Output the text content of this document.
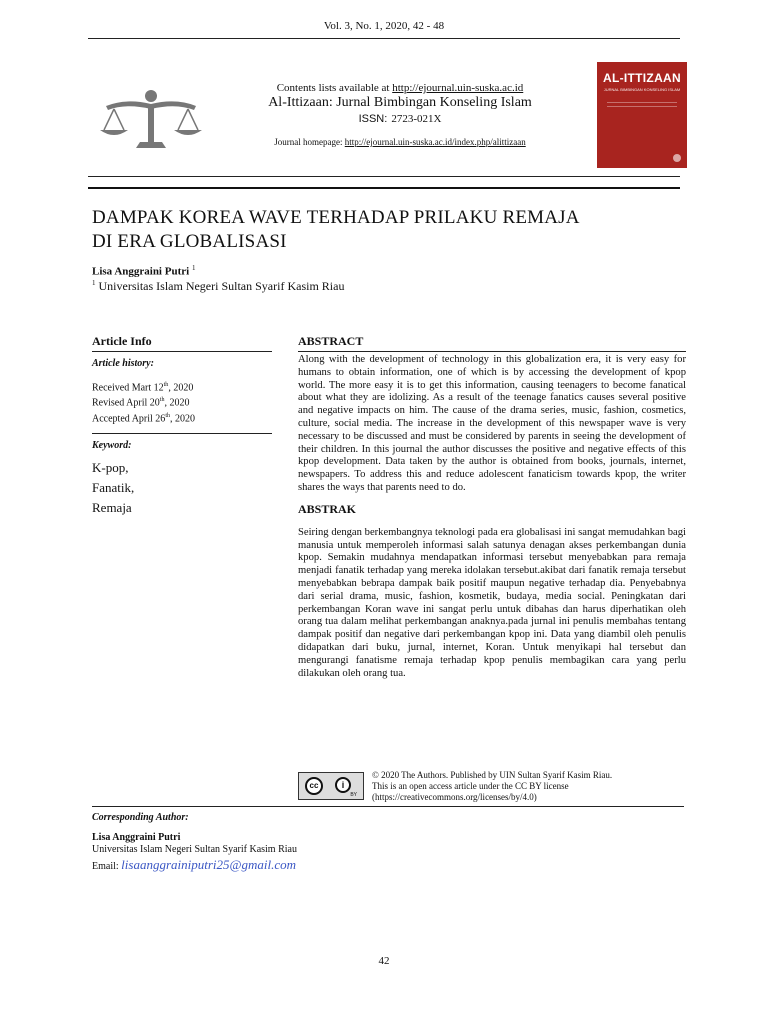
Vol. 3, No. 1, 2020, 42 - 48
Contents lists available at http://ejournal.uin-suska.ac.id
Al-Ittizaan: Jurnal Bimbingan Konseling Islam
ISSN: 2723-021X
Journal homepage: http://ejournal.uin-suska.ac.id/index.php/alittizaan
AL-ITTIZAAN
JURNAL BIMBINGAN KONSELING ISLAM
DAMPAK KOREA WAVE TERHADAP PRILAKU REMAJA
DI ERA GLOBALISASI
Lisa Anggraini Putri $^1$
$^1$ Universitas Islam Negeri Sultan Syarif Kasim Riau
Article Info
Article history:
Received Mart 12th, 2020
Revised April 20th, 2020
Accepted April 26th, 2020
Keyword:
K-pop,
Fanatik,
Remaja
ABSTRACT
Along with the development of technology in this globalization era, it is very easy for humans to obtain information, one of which is by accessing the development of kpop world. The more easy it is to get this information, causing teenagers to become fanatical about what they are idolizing. As a result of the teenage fanatics causes several positive and negative impacts on him. The cause of the drama series, music, fashion, cosmetics, culture, social media. The increase in the development of this newspaper wave is very necessary to be discussed and must be considered by parents in seeing the development of their children. In this journal the author discusses the positive and negative effects of this kpop development. Data taken by the author is obtained from books, journals, internet, newspapers. To address this and reduce adolescent fanaticism towards kpop, the writer shares the ways that parents need to do.
ABSTRAK
Seiring dengan berkembangnya teknologi pada era globalisasi ini sangat memudahkan bagi manusia untuk memperoleh informasi salah satunya denagan akses perkembangan dunia kpop. Semakin mudahnya mendapatkan informasi tersebut menyebabkan para remaja menjadi fanatik terhadap yang mereka idolakan tersebut.akibat dari fanatik remaja tersebut menyebabkan bebrapa dampak baik positif maupun negative terhadap dia. Penyebabnya dari serial drama, music, fashion, kosmetik, budaya, media social. Peningkatan dari perkembangan Koran wave ini sangat perlu untuk dibahas dan harus diperhatikan oleh orang tua dalam melihat perkembangan anaknya.pada jurnal ini penulis membahas tentang dampak positif dan negative dari perkembangan kpop ini. Data yang diambil oleh penulis didapatkan dari buku, jurnal, internet, Koran. Untuk menyikapi hal tersebut dan mengurangi fanatisme remaja terhadap kpop penulis membagikan cara yang perlu dilakukan oleh orang tua.
cc	i
BY
© 2020 The Authors. Published by UIN Sultan Syarif Kasim Riau.
This is an open access article under the CC BY license
(https://creativecommons.org/licenses/by/4.0)
Corresponding Author:
Lisa Anggraini Putri
Universitas Islam Negeri Sultan Syarif Kasim Riau
Email: lisaanggrainiputri25@gmail.com
42
